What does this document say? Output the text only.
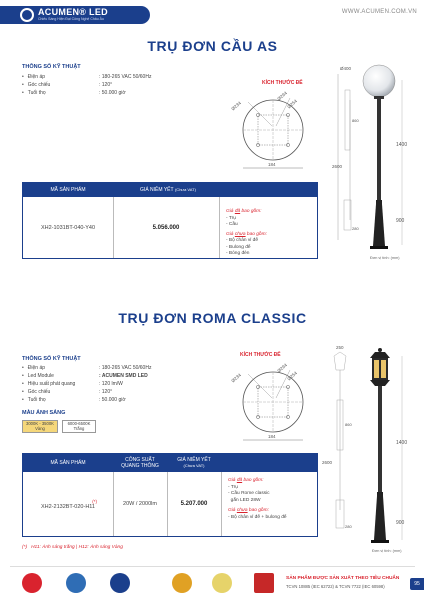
ACUMEN® LED
Chiếu Sáng Hiện Đại Công Nghệ Châu Âu
WWW.ACUMEN.COM.VN
TRỤ ĐƠN CẦU AS
THÔNG SỐ KỸ THUẬT
• Điện áp	: 180-265 VAC 50/60Hz
• Góc chiếu	: 120°
• Tuổi thọ	: 50.000 giờ
KÍCH THƯỚC ĐẾ
Ø234
Ø294
Ø254
184
Ø400
860
2600
280
1400
900
Đơn vị tính: (mm)
MÃ SẢN PHẨM	GIÁ NIÊM YẾT
(Chưa VAT)
XH2-1031BT-040-Y40	5.056.000
Giá đã bao gồm:
- Trụ
- Cầu
Giá chưa bao gồm:
- Bộ chân vỉ đế
- Bulong đế
- Bóng đèn
TRỤ ĐƠN ROMA CLASSIC
THÔNG SỐ KỸ THUẬT
• Điện áp	: 180-265 VAC 50/60Hz
• Led Module	: ACUMEN SMD LED
• Hiệu suất phát quang	: 120 lm/W
• Góc chiếu	: 120°
• Tuổi thọ	: 50.000 giờ
MÀU ÁNH SÁNG
3000K - 3500K
Vàng
6000-6500K
Trắng
KÍCH THƯỚC ĐẾ
Ø234
Ø294
Ø254
184
250
860
2600
280
1400
900
Đơn vị tính: (mm)
MÃ SẢN PHẨM	CÔNG SUẤT
QUANG THÔNG
GIÁ NIÊM YẾT
(Chưa VAT)
(*)
XH2-2132BT-020-H11	20W / 2000lm	5.207.000
Giá đã bao gồm:
- Trụ
- Cầu Rome classic
gắn LED 28W
Giá chưa bao gồm:
- Bộ chân vỉ đế + bulong đế
(*) H11: Ánh sáng trắng | H12: Ánh sáng Vàng
SẢN PHẨM ĐƯỢC SẢN XUẤT THEO TIÊU CHUẨN
TCVN 10885 (IEC 62722) & TCVN 7722 (IEC 60598)	95
